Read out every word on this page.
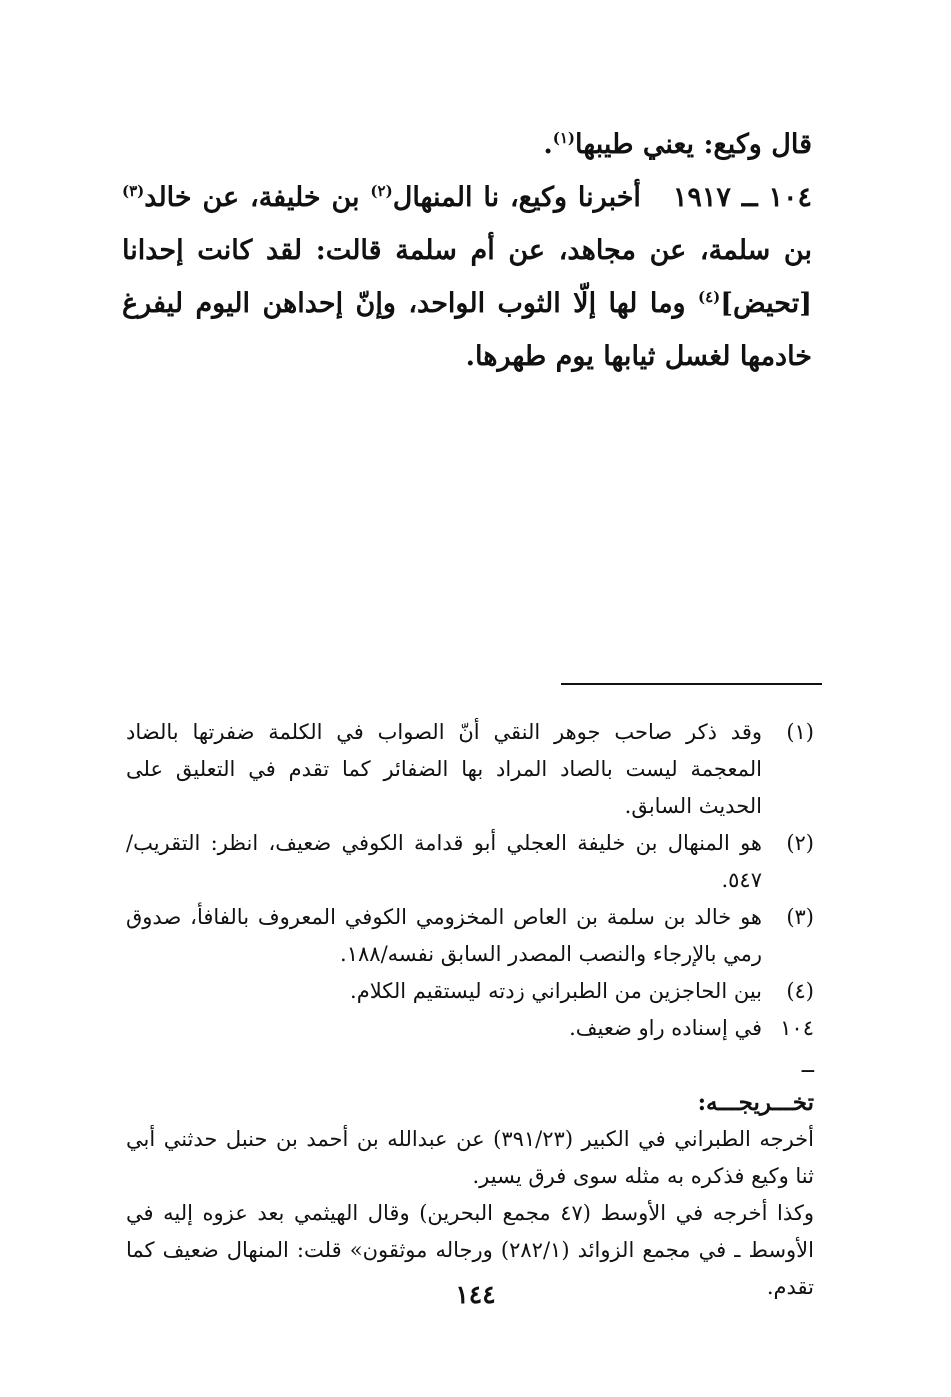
قال وكيع: يعني طيبها$^{(١)}$.

١٠٤ ــ ١٩١٧أخبرنا وكيع، نا المنهال$^{(٢)}$ بن خليفة، عن خالد$^{(٣)}$ بن سلمة، عن مجاهد، عن أم سلمة قالت: لقد كانت إحدانا [تحيض]$^{(٤)}$ وما لها إلّا الثوب الواحد، وإنّ إحداهن اليوم ليفرغ خادمها لغسل ثيابها يوم طهرها.

(١)
وقد ذكر صاحب جوهر النقي أنّ الصواب في الكلمة ضفرتها بالضاد المعجمة ليست بالصاد المراد بها الضفائر كما تقدم في التعليق على الحديث السابق.
(٢)
هو المنهال بن خليفة العجلي أبو قدامة الكوفي ضعيف، انظر: التقريب/٥٤٧.
(٣)
هو خالد بن سلمة بن العاص المخزومي الكوفي المعروف بالفافأ، صدوق رمي بالإرجاء والنصب المصدر السابق نفسه/١٨٨.
(٤)
بين الحاجزين من الطبراني زدته ليستقيم الكلام.
١٠٤ ــ
في إسناده راو ضعيف.
تخـــريجـــه:
أخرجه الطبراني في الكبير (٣٩١/٢٣) عن عبدالله بن أحمد بن حنبل حدثني أبي ثنا وكيع فذكره به مثله سوى فرق يسير.
وكذا أخرجه في الأوسط (٤٧ مجمع البحرين) وقال الهيثمي بعد عزوه إليه في الأوسط ـ في مجمع الزوائد (٢٨٢/١) ورجاله موثقون» قلت: المنهال ضعيف كما تقدم.
١٤٤
